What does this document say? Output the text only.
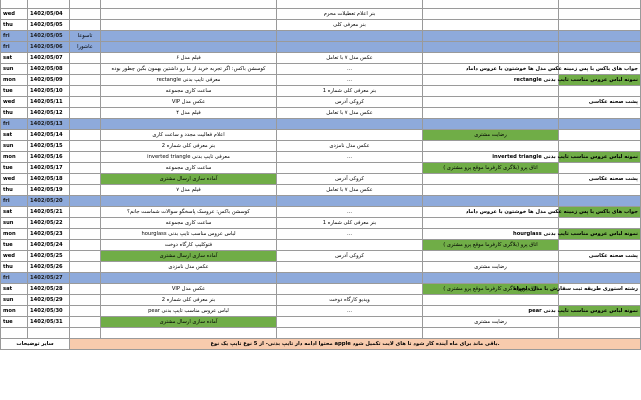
wed	1402/05/04			بنر اعلام تعطیلات محرم		
thu	1402/05/05			بنر معرفی کلی		
fri	1402/05/05	تاسوعا				
fri	1402/05/06	عاشورا				
sat	1402/05/07		فیلم مدل ۶	عکس مدل ۷ با تعامل		
sun	1402/05/08		کوسشن باکس: اگر تجربه خرید از ما رو داشتین بهمون بگین چطور بوده	...		جواب های باکس با پس زمینه عکس مدل ها خوشتون با عروس داماد
mon	1402/05/09		معرفی تایپ بدنی rectangle	...		نمونه لباس عروس مناسب تایپ بدنی rectangle
tue	1402/05/10		ساعت کاری مجموعه	بنر معرفی کلی شماره 1		
wed	1402/05/11		عکس مدل VIP	کروکی آدرس		پشت صحنه عکاسی
thu	1402/05/12		فیلم مدل ۴	عکس مدل ۷ با تعامل		
fri	1402/05/13					
sat	1402/05/14		اعلام فعالیت مجدد و ساعت کاری		رضایت مشتری	
sun	1402/05/15		بنر معرفی کلی شماره 2	عکس مدل نامزدی		
mon	1402/05/16		معرفی تایپ بدنی inverted triangle	...		نمونه لباس عروس مناسب تایپ بدنی inverted triangle
tue	1402/05/17		ساعت کاری مجموعه		اتاق پرو (بلاگری کارفرما موقع پرو مشتری )	
wed	1402/05/18		آماده سازی ارسال مشتری	کروکی آدرس		پشت صحنه عکاسی
thu	1402/05/19		فیلم مدل ۷	عکس مدل ۷ با تعامل		
fri	1402/05/20					
sat	1402/05/21		کوسشن باکس: عروسک پاسخگو سوالات شماست جانم؟	...		جواب های باکس با پس زمینه عکس مدل ها خوشتون با عروس داماد
sun	1402/05/22		ساعت کاری مجموعه	بنر معرفی کلی شماره 1		
mon	1402/05/23		لباس عروس مناسب تایپ بدنی hourglass	...		نمونه لباس عروس مناسب تایپ بدنی hourglass
tue	1402/05/24		فتوکلیپ کارگاه دوخت		اتاق پرو (بلاگری کارفرما موقع پرو مشتری )	
wed	1402/05/25		آماده سازی ارسال مشتری	کروکی آدرس		پشت صحنه عکاسی
thu	1402/05/26		عکس مدل نامزدی		رضایت مشتری	
fri	1402/05/27					
sat	1402/05/28		عکس مدل VIP		اتاق پرو (بلاگری کارفرما موقع پرو مشتری )	رشته استوری طریقه ثبت سفارش با مدل دلخواه
sun	1402/05/29		بنر معرفی کلی شماره 2	ویدیو کارگاه دوخت		
mon	1402/05/30		لباس عروس مناسب تایپ بدنی pear	...		نمونه لباس عروس مناسب تایپ بدنی pear
tue	1402/05/31		آماده سازی ارسال مشتری		رضایت مشتری	

سایر توضیحات		محتوا ادامه دار تایپ بدنی- از 5 نوع تایپ یک نوع apple باقی ماند برای ماه آینده کار شود تا های لایت تکمیل شود.				
